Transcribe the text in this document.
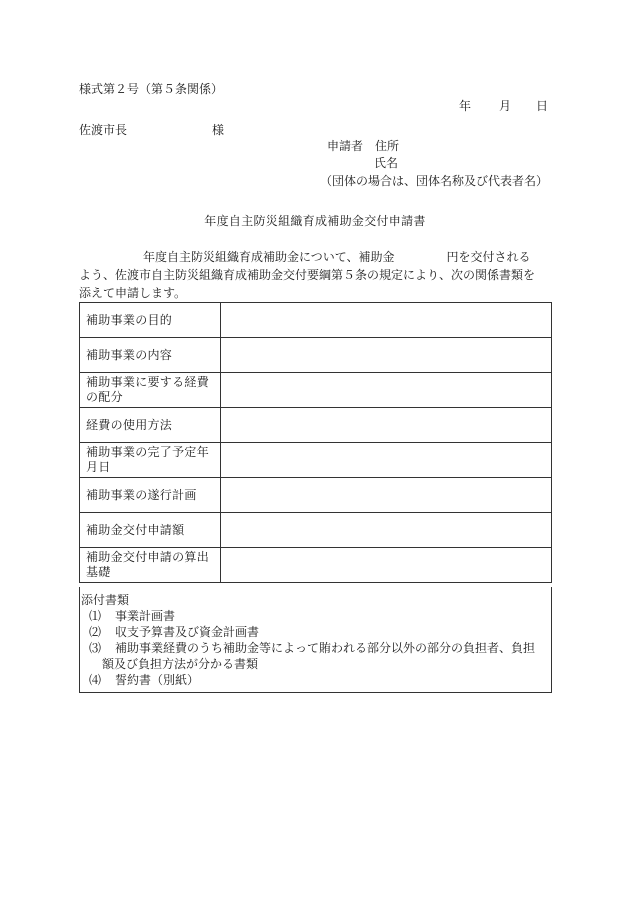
様式第２号（第５条関係）
年 月 日
佐渡市長	様
申請者　住所
氏名
（団体の場合は、団体名称及び代表者名）
年度自主防災組織育成補助金交付申請書
年度自主防災組織育成補助金について、補助金	円を交付される
よう、佐渡市自主防災組織育成補助金交付要綱第５条の規定により、次の関係書類を
添えて申請します。
補助事業の目的	
補助事業の内容	
補助事業に要する経費の配分	
経費の使用方法	
補助事業の完了予定年月日	
補助事業の遂行計画	
補助金交付申請額	
補助金交付申請の算出基礎	
添付書類
⑴ 事業計画書
⑵ 収支予算書及び資金計画書
⑶ 補助事業経費のうち補助金等によって賄われる部分以外の部分の負担者、負担
額及び負担方法が分かる書類
⑷ 誓約書（別紙）
